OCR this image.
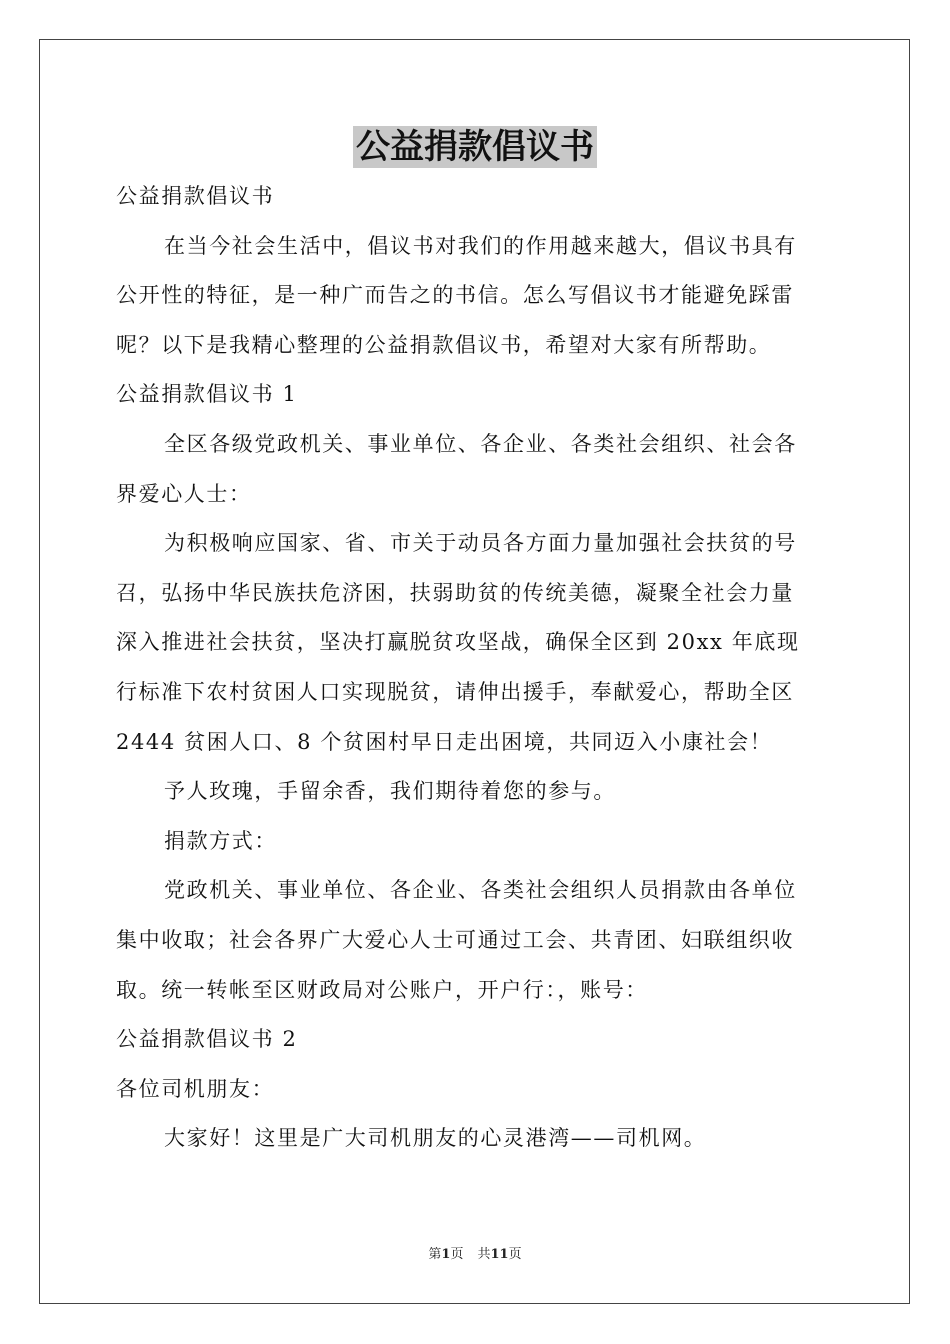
公益捐款倡议书
公益捐款倡议书
在当今社会生活中，倡议书对我们的作用越来越大，倡议书具有
公开性的特征，是一种广而告之的书信。怎么写倡议书才能避免踩雷
呢？以下是我精心整理的公益捐款倡议书，希望对大家有所帮助。
公益捐款倡议书 1
全区各级党政机关、事业单位、各企业、各类社会组织、社会各
界爱心人士：
为积极响应国家、省、市关于动员各方面力量加强社会扶贫的号
召，弘扬中华民族扶危济困，扶弱助贫的传统美德，凝聚全社会力量
深入推进社会扶贫，坚决打赢脱贫攻坚战，确保全区到 20xx 年底现
行标准下农村贫困人口实现脱贫，请伸出援手，奉献爱心，帮助全区
2444 贫困人口、8 个贫困村早日走出困境，共同迈入小康社会！
予人玫瑰，手留余香，我们期待着您的参与。
捐款方式：
党政机关、事业单位、各企业、各类社会组织人员捐款由各单位
集中收取；社会各界广大爱心人士可通过工会、共青团、妇联组织收
取。统一转帐至区财政局对公账户，开户行：，账号：
公益捐款倡议书 2
各位司机朋友：
大家好！这里是广大司机朋友的心灵港湾——司机网。
第1页 共11页
